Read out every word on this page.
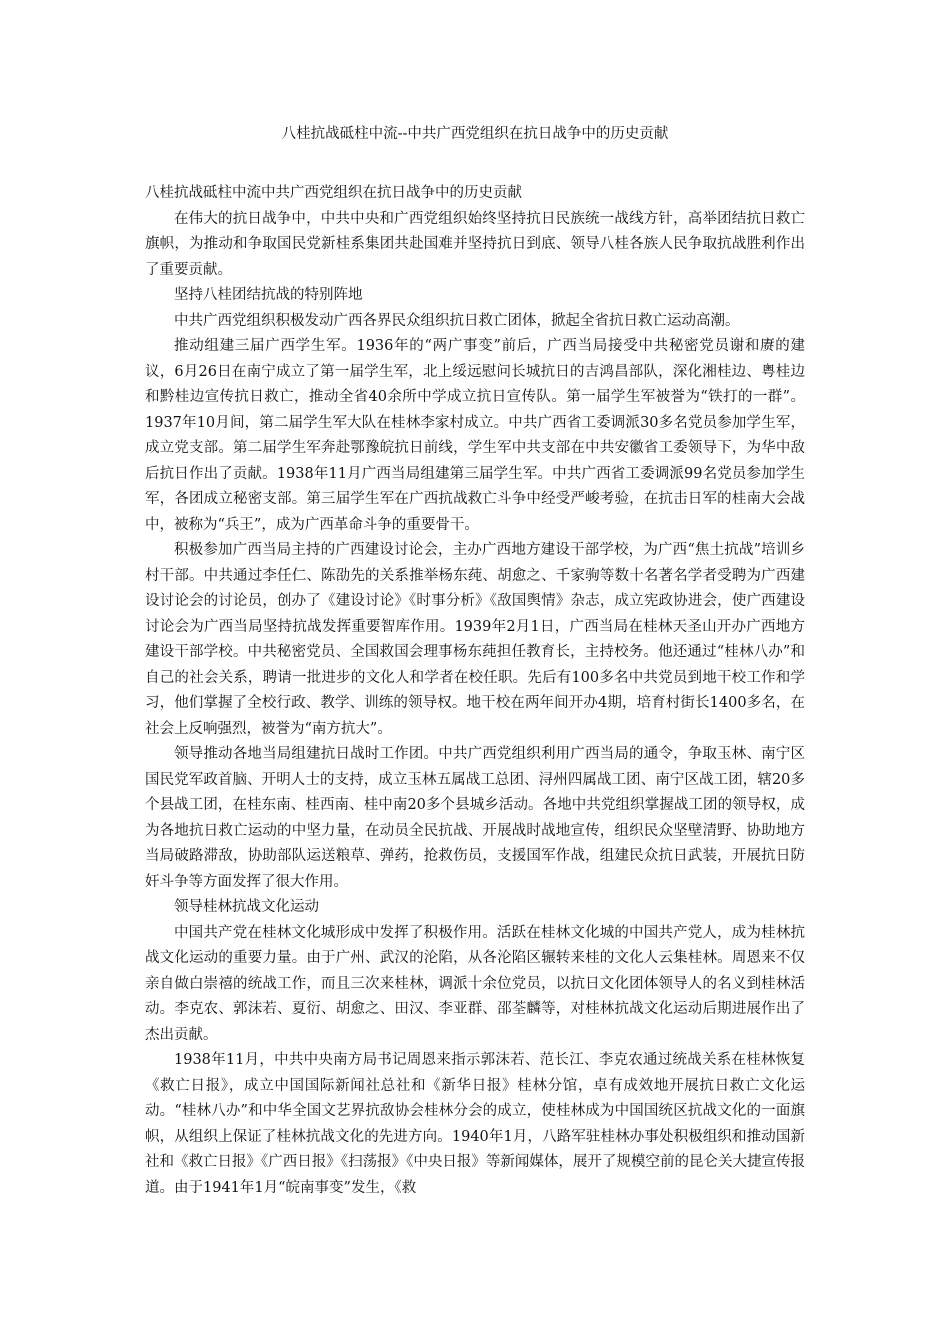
八桂抗战砥柱中流--中共广西党组织在抗日战争中的历史贡献

八桂抗战砥柱中流中共广西党组织在抗日战争中的历史贡献

在伟大的抗日战争中，中共中央和广西党组织始终坚持抗日民族统一战线方针，高举团结抗日救亡旗帜，为推动和争取国民党新桂系集团共赴国难并坚持抗日到底、领导八桂各族人民争取抗战胜利作出了重要贡献。

坚持八桂团结抗战的特别阵地

中共广西党组织积极发动广西各界民众组织抗日救亡团体，掀起全省抗日救亡运动高潮。

推动组建三届广西学生军。1936年的“两广事变”前后，广西当局接受中共秘密党员谢和赓的建议，6月26日在南宁成立了第一届学生军，北上绥远慰问长城抗日的吉鸿昌部队，深化湘桂边、粤桂边和黔桂边宣传抗日救亡，推动全省40余所中学成立抗日宣传队。第一届学生军被誉为“铁打的一群”。1937年10月间，第二届学生军大队在桂林李家村成立。中共广西省工委调派30多名党员参加学生军，成立党支部。第二届学生军奔赴鄂豫皖抗日前线，学生军中共支部在中共安徽省工委领导下，为华中敌后抗日作出了贡献。1938年11月广西当局组建第三届学生军。中共广西省工委调派99名党员参加学生军，各团成立秘密支部。第三届学生军在广西抗战救亡斗争中经受严峻考验，在抗击日军的桂南大会战中，被称为“兵王”，成为广西革命斗争的重要骨干。

积极参加广西当局主持的广西建设讨论会，主办广西地方建设干部学校，为广西“焦土抗战”培训乡村干部。中共通过李任仁、陈劭先的关系推举杨东莼、胡愈之、千家驹等数十名著名学者受聘为广西建设讨论会的讨论员，创办了《建设讨论》《时事分析》《敌国舆情》杂志，成立宪政协进会，使广西建设讨论会为广西当局坚持抗战发挥重要智库作用。1939年2月1日，广西当局在桂林天圣山开办广西地方建设干部学校。中共秘密党员、全国救国会理事杨东莼担任教育长，主持校务。他还通过“桂林八办”和自己的社会关系，聘请一批进步的文化人和学者在校任职。先后有100多名中共党员到地干校工作和学习，他们掌握了全校行政、教学、训练的领导权。地干校在两年间开办4期，培育村街长1400多名，在社会上反响强烈，被誉为“南方抗大”。

领导推动各地当局组建抗日战时工作团。中共广西党组织利用广西当局的通令，争取玉林、南宁区国民党军政首脑、开明人士的支持，成立玉林五属战工总团、浔州四属战工团、南宁区战工团，辖20多个县战工团，在桂东南、桂西南、桂中南20多个县城乡活动。各地中共党组织掌握战工团的领导权，成为各地抗日救亡运动的中坚力量，在动员全民抗战、开展战时战地宣传，组织民众坚壁清野、协助地方当局破路滞敌，协助部队运送粮草、弹药，抢救伤员，支援国军作战，组建民众抗日武装，开展抗日防奸斗争等方面发挥了很大作用。

领导桂林抗战文化运动

中国共产党在桂林文化城形成中发挥了积极作用。活跃在桂林文化城的中国共产党人，成为桂林抗战文化运动的重要力量。由于广州、武汉的沦陷，从各沦陷区辗转来桂的文化人云集桂林。周恩来不仅亲自做白崇禧的统战工作，而且三次来桂林，调派十余位党员，以抗日文化团体领导人的名义到桂林活动。李克农、郭沫若、夏衍、胡愈之、田汉、李亚群、邵荃麟等，对桂林抗战文化运动后期进展作出了杰出贡献。

1938年11月，中共中央南方局书记周恩来指示郭沫若、范长江、李克农通过统战关系在桂林恢复《救亡日报》，成立中国国际新闻社总社和《新华日报》桂林分馆，卓有成效地开展抗日救亡文化运动。“桂林八办”和中华全国文艺界抗敌协会桂林分会的成立，使桂林成为中国国统区抗战文化的一面旗帜，从组织上保证了桂林抗战文化的先进方向。1940年1月，八路军驻桂林办事处积极组织和推动国新社和《救亡日报》《广西日报》《扫荡报》《中央日报》等新闻媒体，展开了规模空前的昆仑关大捷宣传报道。由于1941年1月“皖南事变”发生，《救
